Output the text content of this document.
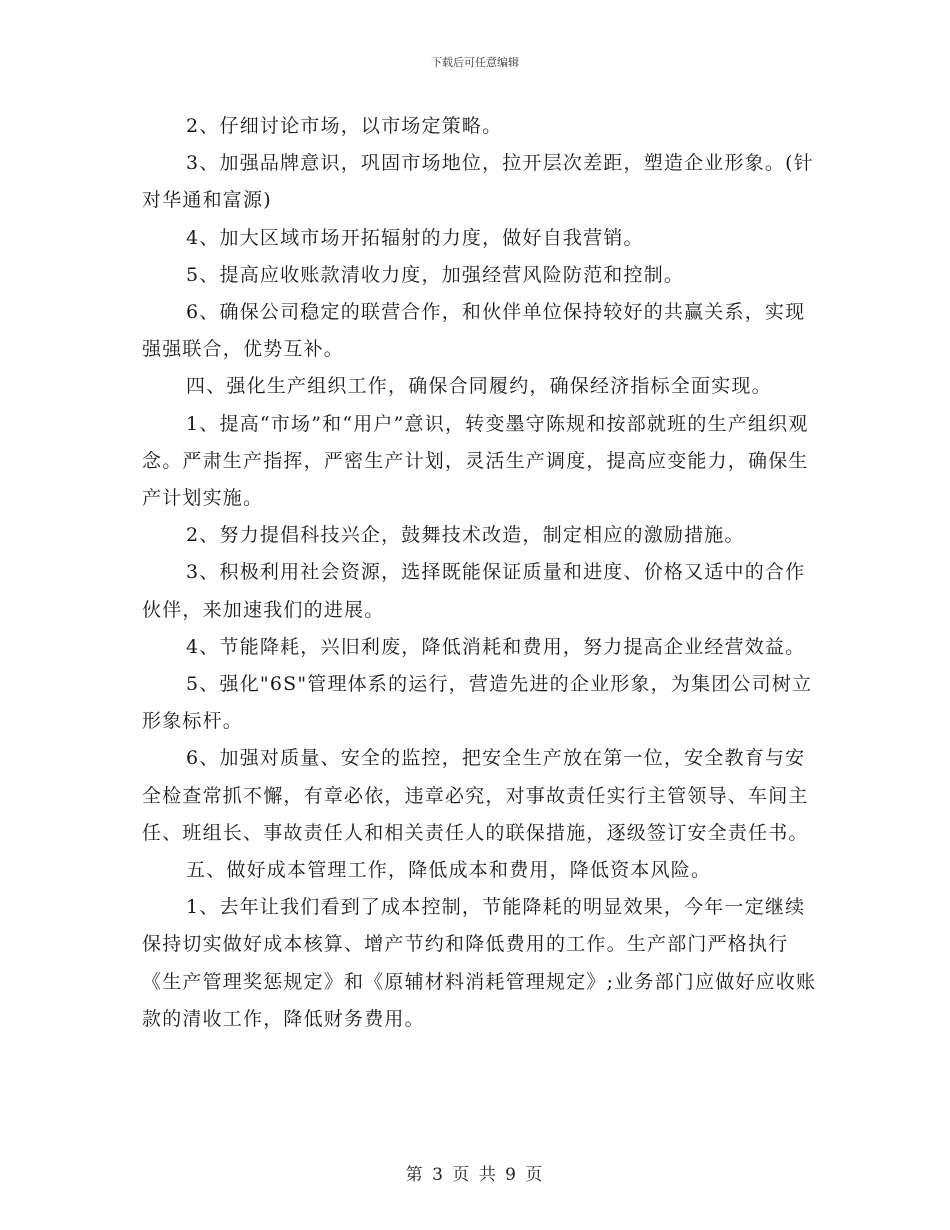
下载后可任意编辑

2、仔细讨论市场，以市场定策略。

3、加强品牌意识，巩固市场地位，拉开层次差距，塑造企业形象。(针对华通和富源)

4、加大区域市场开拓辐射的力度，做好自我营销。

5、提高应收账款清收力度，加强经营风险防范和控制。

6、确保公司稳定的联营合作，和伙伴单位保持较好的共赢关系，实现强强联合，优势互补。

四、强化生产组织工作，确保合同履约，确保经济指标全面实现。

1、提高“市场”和“用户”意识，转变墨守陈规和按部就班的生产组织观念。严肃生产指挥，严密生产计划，灵活生产调度，提高应变能力，确保生产计划实施。

2、努力提倡科技兴企，鼓舞技术改造，制定相应的激励措施。

3、积极利用社会资源，选择既能保证质量和进度、价格又适中的合作伙伴，来加速我们的进展。

4、节能降耗，兴旧利废，降低消耗和费用，努力提高企业经营效益。

5、强化"6S"管理体系的运行，营造先进的企业形象，为集团公司树立形象标杆。

6、加强对质量、安全的监控，把安全生产放在第一位，安全教育与安全检查常抓不懈，有章必依，违章必究，对事故责任实行主管领导、车间主任、班组长、事故责任人和相关责任人的联保措施，逐级签订安全责任书。

五、做好成本管理工作，降低成本和费用，降低资本风险。

1、去年让我们看到了成本控制，节能降耗的明显效果，今年一定继续保持切实做好成本核算、增产节约和降低费用的工作。生产部门严格执行《生产管理奖惩规定》和《原辅材料消耗管理规定》;业务部门应做好应收账款的清收工作，降低财务费用。

第 3 页 共 9 页
